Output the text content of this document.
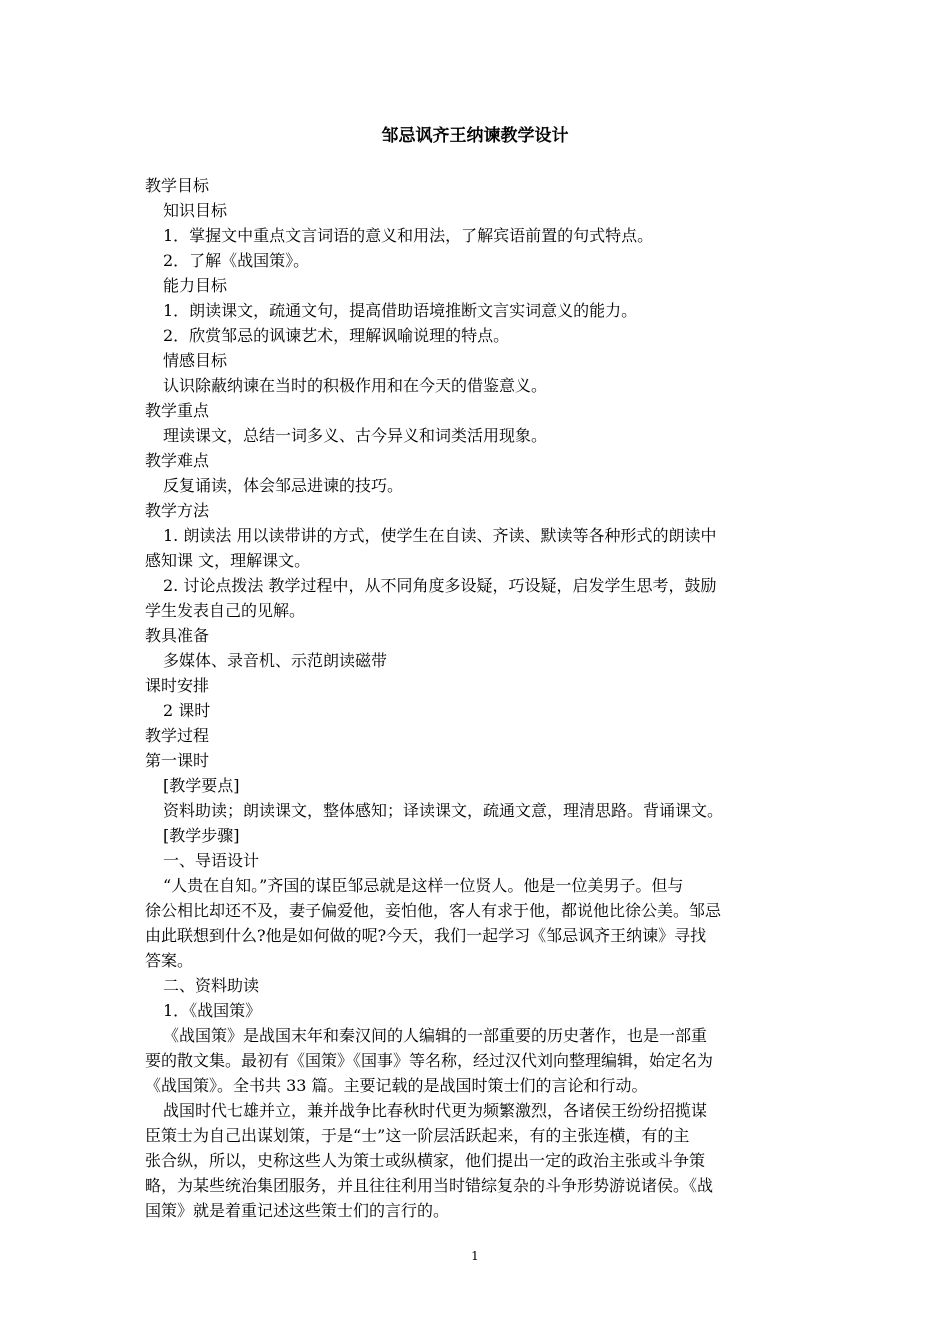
邹忌讽齐王纳谏教学设计
教学目标
知识目标
1．掌握文中重点文言词语的意义和用法，了解宾语前置的句式特点。
2．了解《战国策》。
能力目标
1．朗读课文，疏通文句，提高借助语境推断文言实词意义的能力。
2．欣赏邹忌的讽谏艺术，理解讽喻说理的特点。
情感目标
认识除蔽纳谏在当时的积极作用和在今天的借鉴意义。
教学重点
理读课文，总结一词多义、古今异义和词类活用现象。
教学难点
反复诵读，体会邹忌进谏的技巧。
教学方法
1. 朗读法 用以读带讲的方式，使学生在自读、齐读、默读等各种形式的朗读中
感知课 文，理解课文。
2. 讨论点拨法 教学过程中，从不同角度多设疑，巧设疑，启发学生思考，鼓励
学生发表自己的见解。
教具准备
多媒体、录音机、示范朗读磁带
课时安排
2 课时
教学过程
第一课时
[教学要点]
资料助读；朗读课文，整体感知；译读课文，疏通文意，理清思路。背诵课文。
[教学步骤]
一、导语设计
“人贵在自知。”齐国的谋臣邹忌就是这样一位贤人。他是一位美男子。但与
徐公相比却还不及，妻子偏爱他，妾怕他，客人有求于他，都说他比徐公美。邹忌
由此联想到什么?他是如何做的呢?今天，我们一起学习《邹忌讽齐王纳谏》寻找
答案。
二、资料助读
1．《战国策》
《战国策》是战国末年和秦汉间的人编辑的一部重要的历史著作，也是一部重
要的散文集。最初有《国策》《国事》等名称，经过汉代刘向整理编辑，始定名为
《战国策》。全书共 33 篇。主要记载的是战国时策士们的言论和行动。
战国时代七雄并立，兼并战争比春秋时代更为频繁激烈，各诸侯王纷纷招揽谋
臣策士为自己出谋划策，于是“士”这一阶层活跃起来，有的主张连横，有的主
张合纵，所以，史称这些人为策士或纵横家，他们提出一定的政治主张或斗争策
略，为某些统治集团服务，并且往往利用当时错综复杂的斗争形势游说诸侯。《战
国策》就是着重记述这些策士们的言行的。
1
